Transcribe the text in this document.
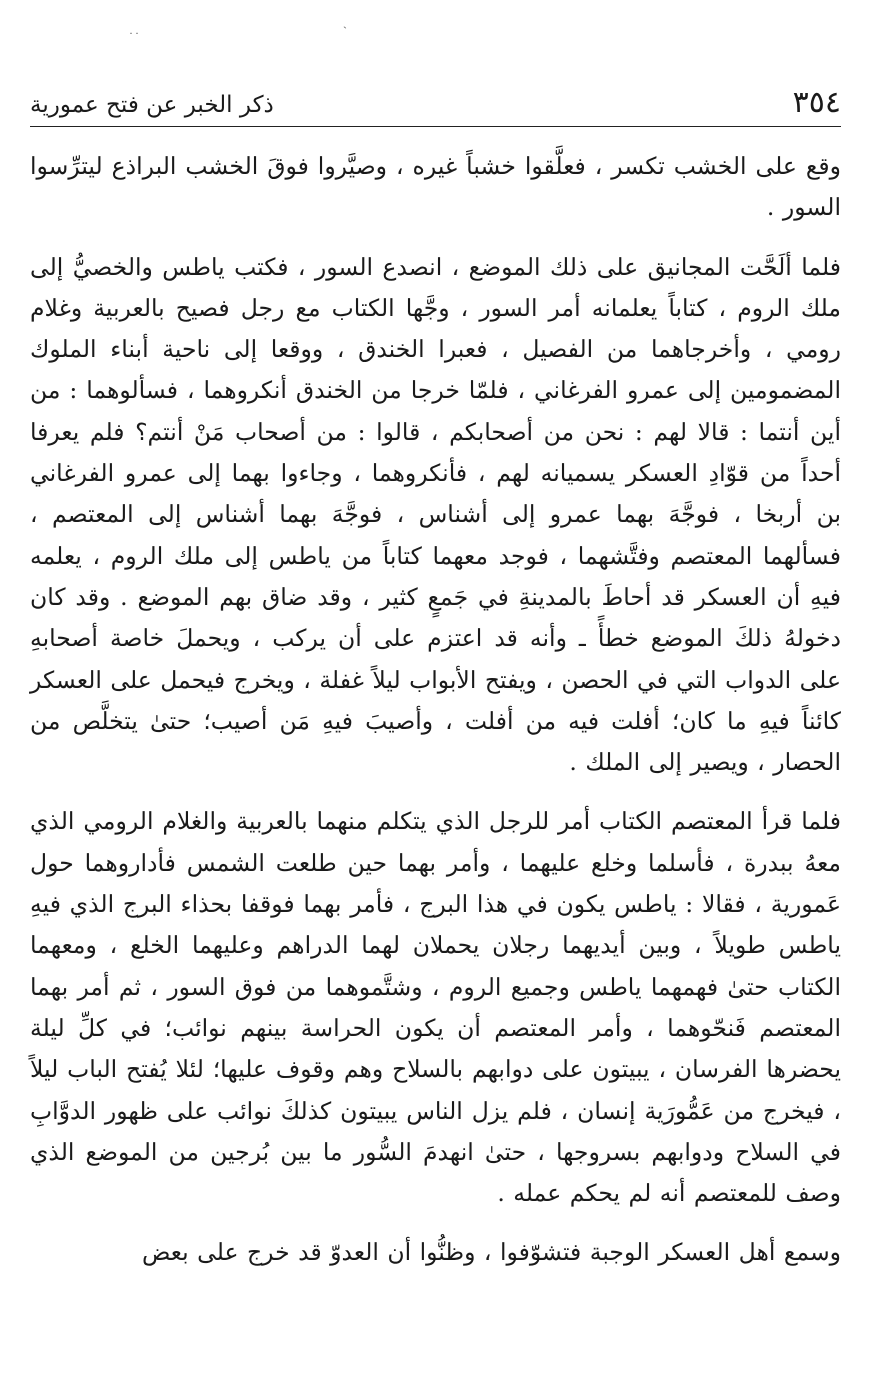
ˏ
˙˙
٣٥٤
ذكر الخبر عن فتح عمورية

وقع على الخشب تكسر ، فعلَّقوا خشباً غيره ، وصيَّروا فوقَ الخشب البراذع ليترِّسوا السور .

فلما ألَحَّت المجانيق على ذلك الموضع ، انصدع السور ، فكتب ياطس والخصيُّ إلى ملك الروم ، كتاباً يعلمانه أمر السور ، وجَّها الكتاب مع رجل فصيح بالعربية وغلام رومي ، وأخرجاهما من الفصيل ، فعبرا الخندق ، ووقعا إلى ناحية أبناء الملوك المضمومين إلى عمرو الفرغاني ، فلمّا خرجا من الخندق أنكروهما ، فسألوهما : من أين أنتما : قالا لهم : نحن من أصحابكم ، قالوا : من أصحاب مَنْ أنتم؟ فلم يعرفا أحداً من قوّادِ العسكر يسميانه لهم ، فأنكروهما ، وجاءوا بهما إلى عمرو الفرغاني بن أربخا ، فوجَّهَ بهما عمرو إلى أشناس ، فوجَّهَ بهما أشناس إلى المعتصم ، فسألهما المعتصم وفتَّشهما ، فوجد معهما كتاباً من ياطس إلى ملك الروم ، يعلمه فيهِ أن العسكر قد أحاطَ بالمدينةِ في جَمعٍ كثير ، وقد ضاق بهم الموضع . وقد كان دخولهُ ذلكَ الموضع خطأً ـ وأنه قد اعتزم على أن يركب ، ويحملَ خاصة أصحابهِ على الدواب التي في الحصن ، ويفتح الأبواب ليلاً غفلة ، ويخرج فيحمل على العسكر كائناً فيهِ ما كان؛ أفلت فيه من أفلت ، وأصيبَ فيهِ مَن أصيب؛ حتىٰ يتخلَّص من الحصار ، ويصير إلى الملك .

فلما قرأ المعتصم الكتاب أمر للرجل الذي يتكلم منهما بالعربية والغلام الرومي الذي معهُ ببدرة ، فأسلما وخلع عليهما ، وأمر بهما حين طلعت الشمس فأداروهما حول عَمورية ، فقالا : ياطس يكون في هذا البرج ، فأمر بهما فوقفا بحذاء البرج الذي فيهِ ياطس طويلاً ، وبين أيديهما رجلان يحملان لهما الدراهم وعليهما الخلع ، ومعهما الكتاب حتىٰ فهمهما ياطس وجميع الروم ، وشتَّموهما من فوق السور ، ثم أمر بهما المعتصم فَنحّوهما ، وأمر المعتصم أن يكون الحراسة بينهم نوائب؛ في كلِّ ليلة يحضرها الفرسان ، يبيتون على دوابهم بالسلاح وهم وقوف عليها؛ لئلا يُفتح الباب ليلاً ، فيخرج من عَمُّورَية إنسان ، فلم يزل الناس يبيتون كذلكَ نوائب على ظهور الدوَّابِ في السلاح ودوابهم بسروجها ، حتىٰ انهدمَ السُّور ما بين بُرجين من الموضع الذي وصف للمعتصم أنه لم يحكم عمله .

وسمع أهل العسكر الوجبة فتشوّفوا ، وظنُّوا أن العدوّ قد خرج على بعض
